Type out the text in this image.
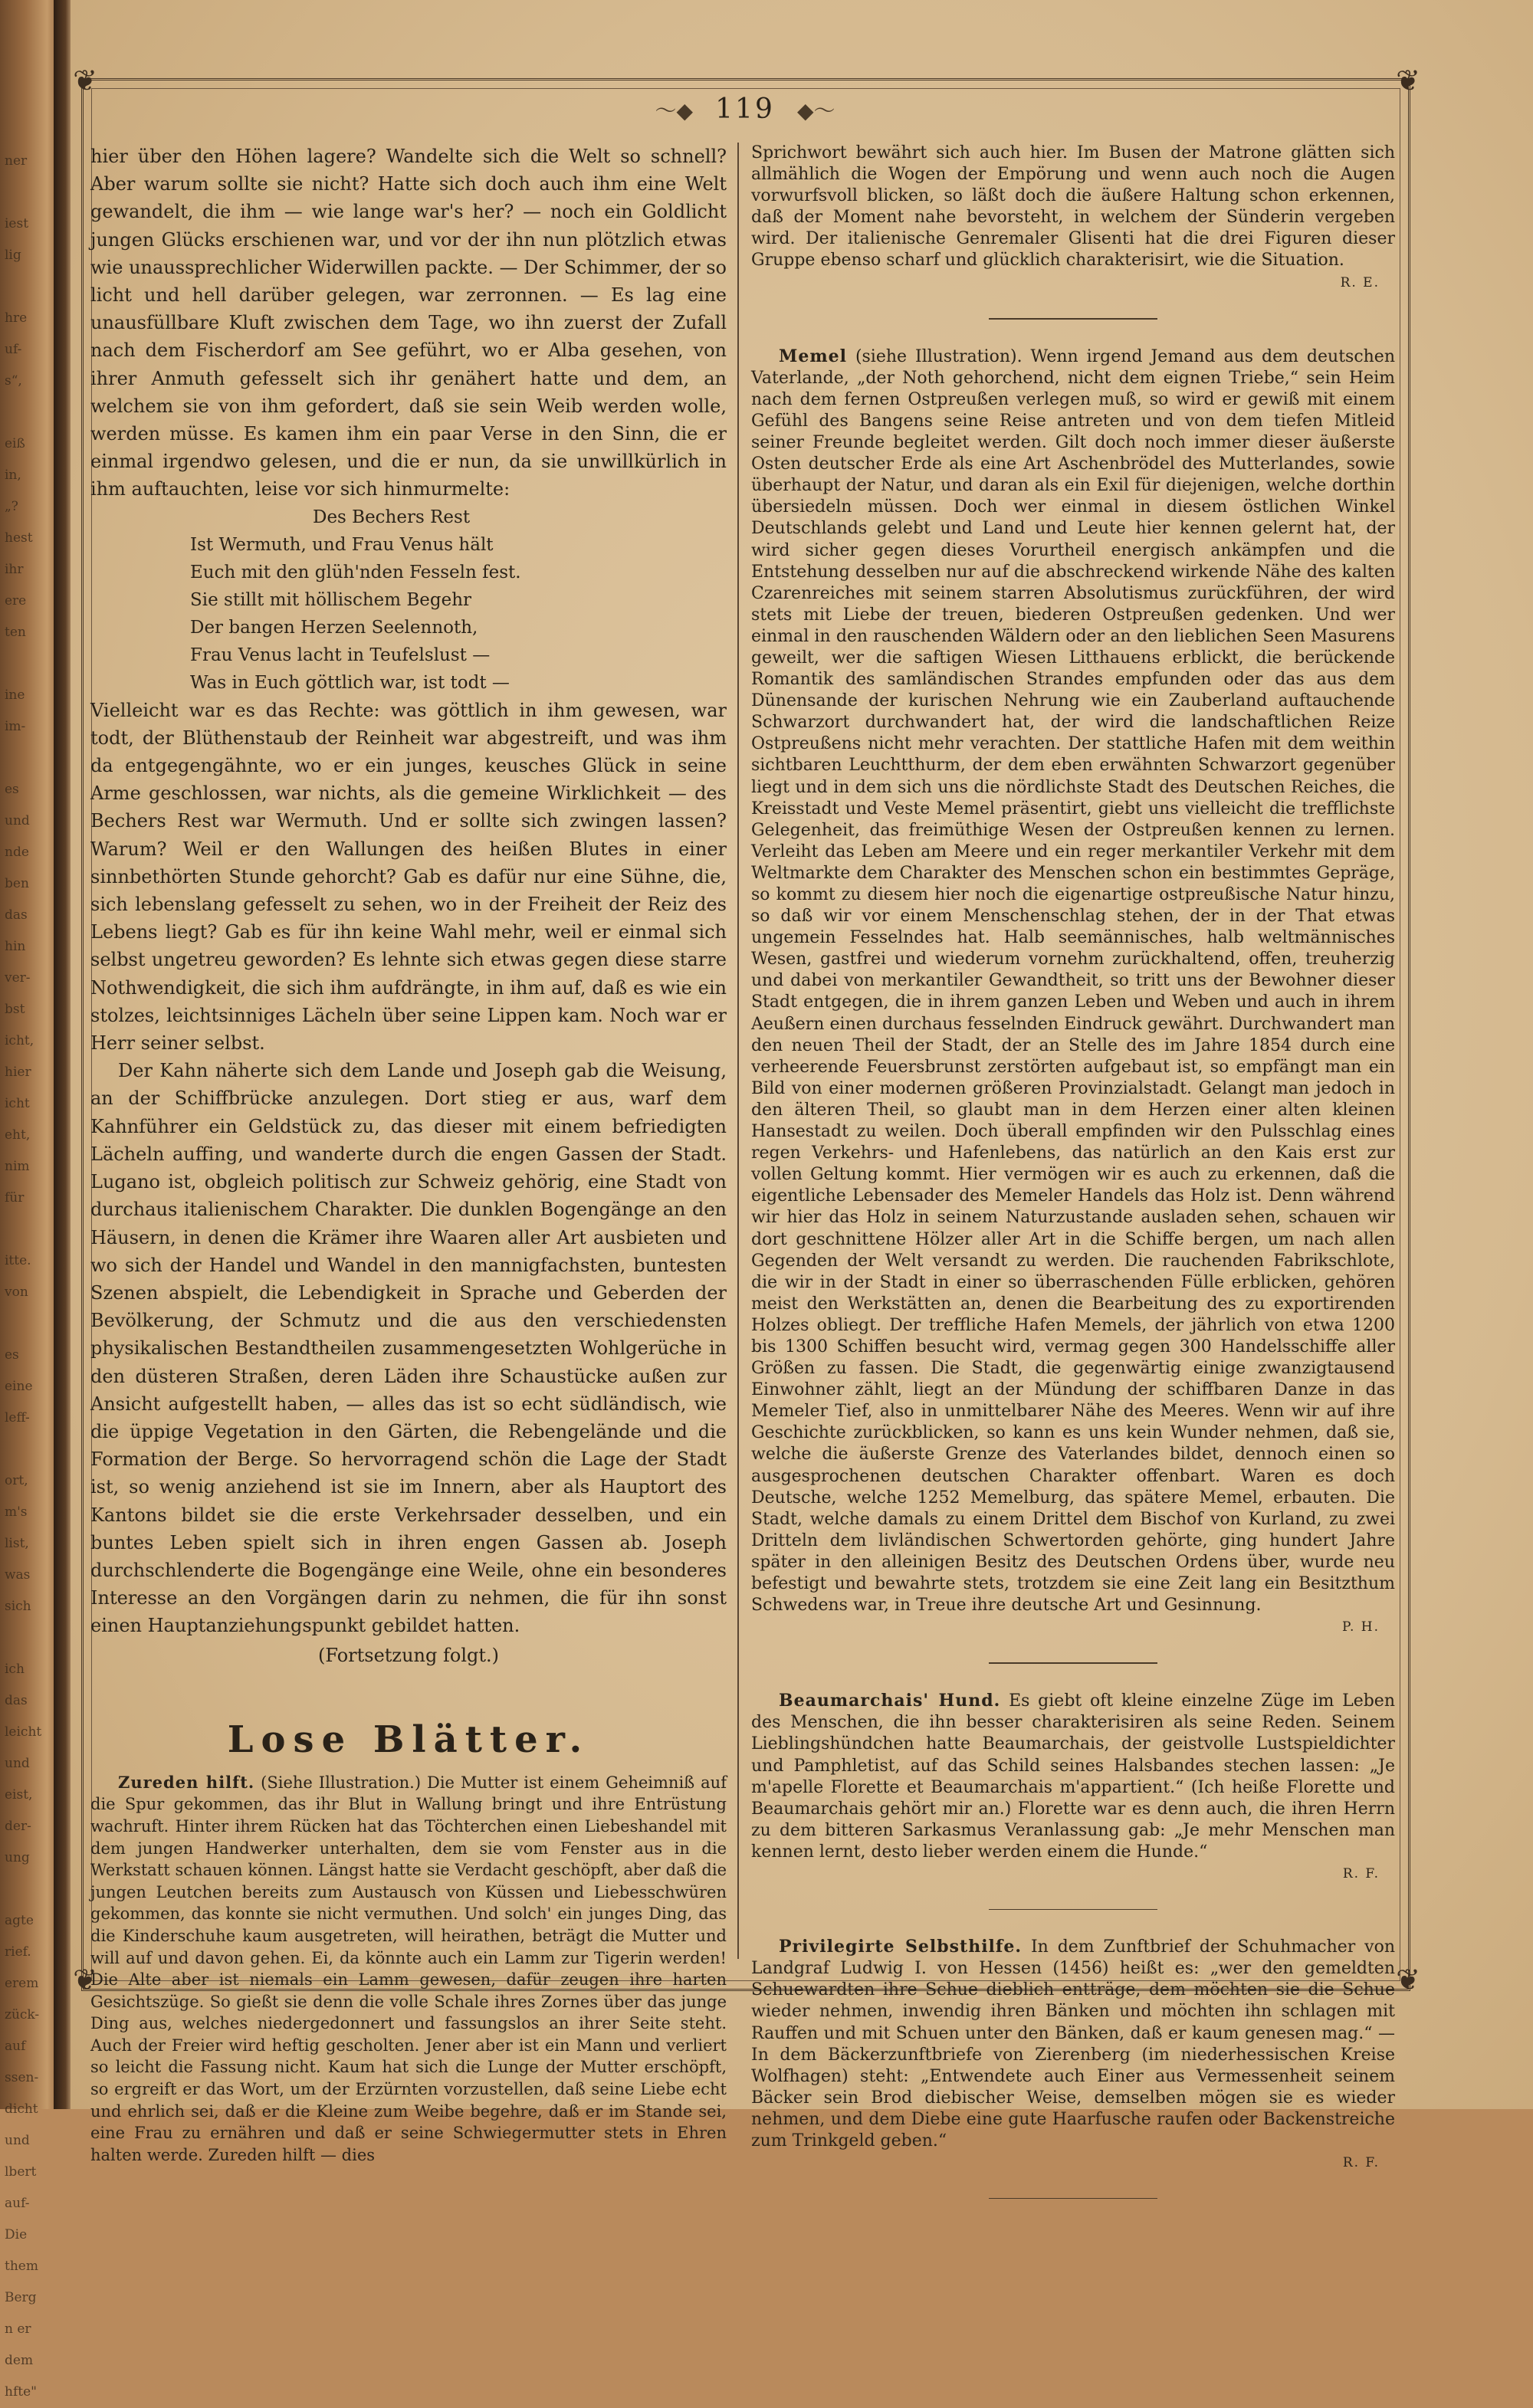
ner

iest
lig

hre
uf-
s“,

eiß
in,
„?
hest
ihr
ere
ten

ine
im-

es
und
nde
ben
das
hin
ver-
bst
icht,
hier
icht
eht,
nim
für

itte.
von

es
eine
leff-

ort,
m's
list,
was
sich

ich
das
leicht
und
eist,
der-
ung

agte
rief.
erem
zück-
auf
ssen-
dicht
und
lbert
auf-
Die
them
Berg
n er
dem
hfte"
❦	❦
❦	❦
〜◆ 119 ◆〜

hier über den Höhen lagere? Wandelte sich die Welt so schnell? Aber warum sollte sie nicht? Hatte sich doch auch ihm eine Welt gewandelt, die ihm — wie lange war's her? — noch ein Goldlicht jungen Glücks erschienen war, und vor der ihn nun plötzlich etwas wie unaussprechlicher Widerwillen packte. — Der Schimmer, der so licht und hell darüber gelegen, war zerronnen. — Es lag eine unausfüllbare Kluft zwischen dem Tage, wo ihn zuerst der Zufall nach dem Fischerdorf am See geführt, wo er Alba gesehen, von ihrer Anmuth gefesselt sich ihr genähert hatte und dem, an welchem sie von ihm gefordert, daß sie sein Weib werden wolle, werden müsse. Es kamen ihm ein paar Verse in den Sinn, die er einmal irgendwo gelesen, und die er nun, da sie unwillkürlich in ihm auftauchten, leise vor sich hinmurmelte:

Des Bechers Rest
Ist Wermuth, und Frau Venus hält
Euch mit den glüh'nden Fesseln fest.
Sie stillt mit höllischem Begehr
Der bangen Herzen Seelennoth,
Frau Venus lacht in Teufelslust —
Was in Euch göttlich war, ist todt —

Vielleicht war es das Rechte: was göttlich in ihm gewesen, war todt, der Blüthenstaub der Reinheit war abgestreift, und was ihm da entgegengähnte, wo er ein junges, keusches Glück in seine Arme geschlossen, war nichts, als die gemeine Wirklichkeit — des Bechers Rest war Wermuth. Und er sollte sich zwingen lassen? Warum? Weil er den Wallungen des heißen Blutes in einer sinnbethörten Stunde gehorcht? Gab es dafür nur eine Sühne, die, sich lebenslang gefesselt zu sehen, wo in der Freiheit der Reiz des Lebens liegt? Gab es für ihn keine Wahl mehr, weil er einmal sich selbst ungetreu geworden? Es lehnte sich etwas gegen diese starre Nothwendigkeit, die sich ihm aufdrängte, in ihm auf, daß es wie ein stolzes, leichtsinniges Lächeln über seine Lippen kam. Noch war er Herr seiner selbst.

Der Kahn näherte sich dem Lande und Joseph gab die Weisung, an der Schiffbrücke anzulegen. Dort stieg er aus, warf dem Kahnführer ein Geldstück zu, das dieser mit einem befriedigten Lächeln auffing, und wanderte durch die engen Gassen der Stadt. Lugano ist, obgleich politisch zur Schweiz gehörig, eine Stadt von durchaus italienischem Charakter. Die dunklen Bogengänge an den Häusern, in denen die Krämer ihre Waaren aller Art ausbieten und wo sich der Handel und Wandel in den mannigfachsten, buntesten Szenen abspielt, die Lebendigkeit in Sprache und Geberden der Bevölkerung, der Schmutz und die aus den verschiedensten physikalischen Bestandtheilen zusammengesetzten Wohlgerüche in den düsteren Straßen, deren Läden ihre Schaustücke außen zur Ansicht aufgestellt haben, — alles das ist so echt südländisch, wie die üppige Vegetation in den Gärten, die Rebengelände und die Formation der Berge. So hervorragend schön die Lage der Stadt ist, so wenig anziehend ist sie im Innern, aber als Hauptort des Kantons bildet sie die erste Verkehrsader desselben, und ein buntes Leben spielt sich in ihren engen Gassen ab. Joseph durchschlenderte die Bogengänge eine Weile, ohne ein besonderes Interesse an den Vorgängen darin zu nehmen, die für ihn sonst einen Hauptanziehungspunkt gebildet hatten.

(Fortsetzung folgt.)

Lose Blätter.

Zureden hilft. (Siehe Illustration.) Die Mutter ist einem Geheimniß auf die Spur gekommen, das ihr Blut in Wallung bringt und ihre Entrüstung wachruft. Hinter ihrem Rücken hat das Töchterchen einen Liebeshandel mit dem jungen Handwerker unterhalten, dem sie vom Fenster aus in die Werkstatt schauen können. Längst hatte sie Verdacht geschöpft, aber daß die jungen Leutchen bereits zum Austausch von Küssen und Liebesschwüren gekommen, das konnte sie nicht vermuthen. Und solch' ein junges Ding, das die Kinderschuhe kaum ausgetreten, will heirathen, beträgt die Mutter und will auf und davon gehen. Ei, da könnte auch ein Lamm zur Tigerin werden! Die Alte aber ist niemals ein Lamm gewesen, dafür zeugen ihre harten Gesichtszüge. So gießt sie denn die volle Schale ihres Zornes über das junge Ding aus, welches niedergedonnert und fassungslos an ihrer Seite steht. Auch der Freier wird heftig gescholten. Jener aber ist ein Mann und verliert so leicht die Fassung nicht. Kaum hat sich die Lunge der Mutter erschöpft, so ergreift er das Wort, um der Erzürnten vorzustellen, daß seine Liebe echt und ehrlich sei, daß er die Kleine zum Weibe begehre, daß er im Stande sei, eine Frau zu ernähren und daß er seine Schwiegermutter stets in Ehren halten werde. Zureden hilft — dies

Sprichwort bewährt sich auch hier. Im Busen der Matrone glätten sich allmählich die Wogen der Empörung und wenn auch noch die Augen vorwurfsvoll blicken, so läßt doch die äußere Haltung schon erkennen, daß der Moment nahe bevorsteht, in welchem der Sünderin vergeben wird. Der italienische Genremaler Glisenti hat die drei Figuren dieser Gruppe ebenso scharf und glücklich charakterisirt, wie die Situation.

R. E.

Memel (siehe Illustration). Wenn irgend Jemand aus dem deutschen Vaterlande, „der Noth gehorchend, nicht dem eignen Triebe,“ sein Heim nach dem fernen Ostpreußen verlegen muß, so wird er gewiß mit einem Gefühl des Bangens seine Reise antreten und von dem tiefen Mitleid seiner Freunde begleitet werden. Gilt doch noch immer dieser äußerste Osten deutscher Erde als eine Art Aschenbrödel des Mutterlandes, sowie überhaupt der Natur, und daran als ein Exil für diejenigen, welche dorthin übersiedeln müssen. Doch wer einmal in diesem östlichen Winkel Deutschlands gelebt und Land und Leute hier kennen gelernt hat, der wird sicher gegen dieses Vorurtheil energisch ankämpfen und die Entstehung desselben nur auf die abschreckend wirkende Nähe des kalten Czarenreiches mit seinem starren Absolutismus zurückführen, der wird stets mit Liebe der treuen, biederen Ostpreußen gedenken. Und wer einmal in den rauschenden Wäldern oder an den lieblichen Seen Masurens geweilt, wer die saftigen Wiesen Litthauens erblickt, die berückende Romantik des samländischen Strandes empfunden oder das aus dem Dünensande der kurischen Nehrung wie ein Zauberland auftauchende Schwarzort durchwandert hat, der wird die landschaftlichen Reize Ostpreußens nicht mehr verachten. Der stattliche Hafen mit dem weithin sichtbaren Leuchtthurm, der dem eben erwähnten Schwarzort gegenüber liegt und in dem sich uns die nördlichste Stadt des Deutschen Reiches, die Kreisstadt und Veste Memel präsentirt, giebt uns vielleicht die trefflichste Gelegenheit, das freimüthige Wesen der Ostpreußen kennen zu lernen. Verleiht das Leben am Meere und ein reger merkantiler Verkehr mit dem Weltmarkte dem Charakter des Menschen schon ein bestimmtes Gepräge, so kommt zu diesem hier noch die eigenartige ostpreußische Natur hinzu, so daß wir vor einem Menschenschlag stehen, der in der That etwas ungemein Fesselndes hat. Halb seemännisches, halb weltmännisches Wesen, gastfrei und wiederum vornehm zurückhaltend, offen, treuherzig und dabei von merkantiler Gewandtheit, so tritt uns der Bewohner dieser Stadt entgegen, die in ihrem ganzen Leben und Weben und auch in ihrem Aeußern einen durchaus fesselnden Eindruck gewährt. Durchwandert man den neuen Theil der Stadt, der an Stelle des im Jahre 1854 durch eine verheerende Feuersbrunst zerstörten aufgebaut ist, so empfängt man ein Bild von einer modernen größeren Provinzialstadt. Gelangt man jedoch in den älteren Theil, so glaubt man in dem Herzen einer alten kleinen Hansestadt zu weilen. Doch überall empfinden wir den Pulsschlag eines regen Verkehrs- und Hafenlebens, das natürlich an den Kais erst zur vollen Geltung kommt. Hier vermögen wir es auch zu erkennen, daß die eigentliche Lebensader des Memeler Handels das Holz ist. Denn während wir hier das Holz in seinem Naturzustande ausladen sehen, schauen wir dort geschnittene Hölzer aller Art in die Schiffe bergen, um nach allen Gegenden der Welt versandt zu werden. Die rauchenden Fabrikschlote, die wir in der Stadt in einer so überraschenden Fülle erblicken, gehören meist den Werkstätten an, denen die Bearbeitung des zu exportirenden Holzes obliegt. Der treffliche Hafen Memels, der jährlich von etwa 1200 bis 1300 Schiffen besucht wird, vermag gegen 300 Handelsschiffe aller Größen zu fassen. Die Stadt, die gegenwärtig einige zwanzigtausend Einwohner zählt, liegt an der Mündung der schiffbaren Danze in das Memeler Tief, also in unmittelbarer Nähe des Meeres. Wenn wir auf ihre Geschichte zurückblicken, so kann es uns kein Wunder nehmen, daß sie, welche die äußerste Grenze des Vaterlandes bildet, dennoch einen so ausgesprochenen deutschen Charakter offenbart. Waren es doch Deutsche, welche 1252 Memelburg, das spätere Memel, erbauten. Die Stadt, welche damals zu einem Drittel dem Bischof von Kurland, zu zwei Dritteln dem livländischen Schwertorden gehörte, ging hundert Jahre später in den alleinigen Besitz des Deutschen Ordens über, wurde neu befestigt und bewahrte stets, trotzdem sie eine Zeit lang ein Besitzthum Schwedens war, in Treue ihre deutsche Art und Gesinnung.

P. H.

Beaumarchais' Hund. Es giebt oft kleine einzelne Züge im Leben des Menschen, die ihn besser charakterisiren als seine Reden. Seinem Lieblingshündchen hatte Beaumarchais, der geistvolle Lustspieldichter und Pamphletist, auf das Schild seines Halsbandes stechen lassen: „Je m'apelle Florette et Beaumarchais m'appartient.“ (Ich heiße Florette und Beaumarchais gehört mir an.) Florette war es denn auch, die ihren Herrn zu dem bitteren Sarkasmus Veranlassung gab: „Je mehr Menschen man kennen lernt, desto lieber werden einem die Hunde.“

R. F.

Privilegirte Selbsthilfe. In dem Zunftbrief der Schuhmacher von Landgraf Ludwig I. von Hessen (1456) heißt es: „wer den gemeldten Schuewardten ihre Schue dieblich entträge, dem möchten sie die Schue wieder nehmen, inwendig ihren Bänken und möchten ihn schlagen mit Rauffen und mit Schuen unter den Bänken, daß er kaum genesen mag.“ — In dem Bäckerzunftbriefe von Zierenberg (im niederhessischen Kreise Wolfhagen) steht: „Entwendete auch Einer aus Vermessenheit seinem Bäcker sein Brod diebischer Weise, demselben mögen sie es wieder nehmen, und dem Diebe eine gute Haarfusche raufen oder Backenstreiche zum Trinkgeld geben.“

R. F.
